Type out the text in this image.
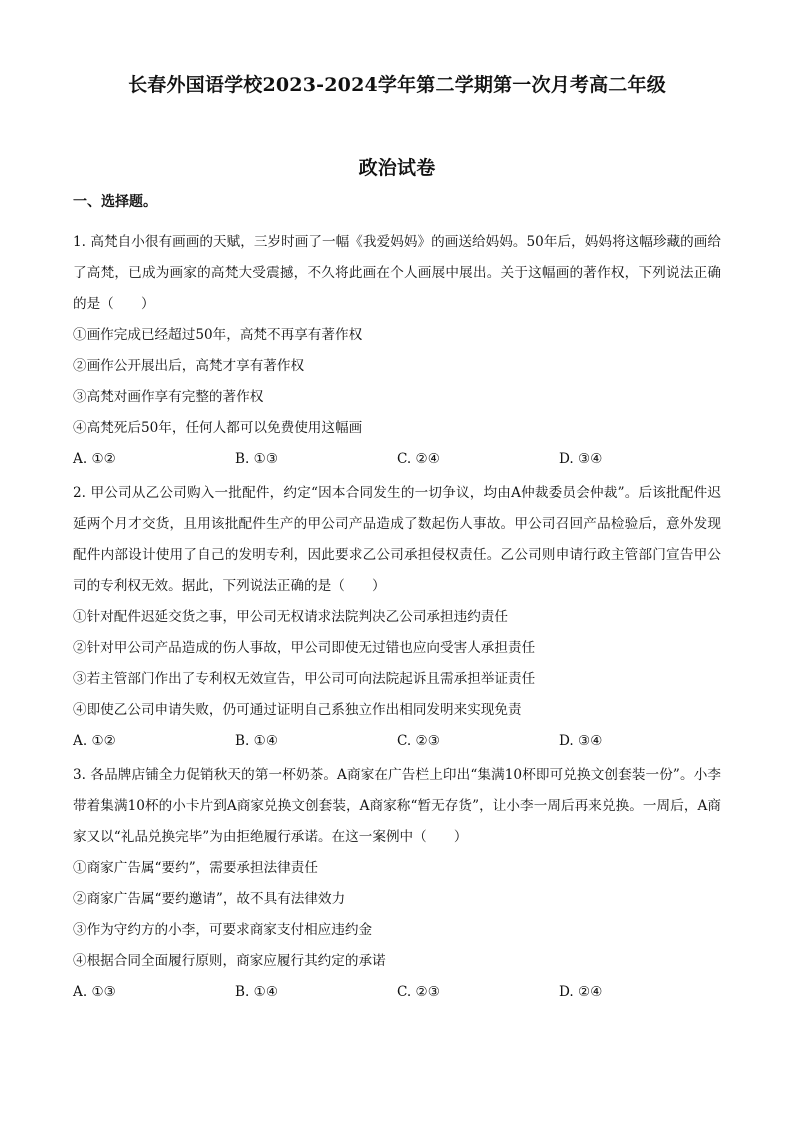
长春外国语学校2023-2024学年第二学期第一次月考高二年级
政治试卷
一、选择题。

1. 高梵自小很有画画的天赋，三岁时画了一幅《我爱妈妈》的画送给妈妈。50年后，妈妈将这幅珍藏的画给了高梵，已成为画家的高梵大受震撼，不久将此画在个人画展中展出。关于这幅画的著作权，下列说法正确的是（　　）

①画作完成已经超过50年，高梵不再享有著作权

②画作公开展出后，高梵才享有著作权

③高梵对画作享有完整的著作权

④高梵死后50年，任何人都可以免费使用这幅画

A. ①②	B. ①③	C. ②④	D. ③④

2. 甲公司从乙公司购入一批配件，约定“因本合同发生的一切争议，均由A仲裁委员会仲裁”。后该批配件迟延两个月才交货，且用该批配件生产的甲公司产品造成了数起伤人事故。甲公司召回产品检验后，意外发现配件内部设计使用了自己的发明专利，因此要求乙公司承担侵权责任。乙公司则申请行政主管部门宣告甲公司的专利权无效。据此，下列说法正确的是（　　）

①针对配件迟延交货之事，甲公司无权请求法院判决乙公司承担违约责任

②针对甲公司产品造成的伤人事故，甲公司即使无过错也应向受害人承担责任

③若主管部门作出了专利权无效宣告，甲公司可向法院起诉且需承担举证责任

④即使乙公司申请失败，仍可通过证明自己系独立作出相同发明来实现免责

A. ①②	B. ①④	C. ②③	D. ③④

3. 各品牌店铺全力促销秋天的第一杯奶茶。A商家在广告栏上印出“集满10杯即可兑换文创套装一份”。小李带着集满10杯的小卡片到A商家兑换文创套装，A商家称“暂无存货”，让小李一周后再来兑换。一周后，A商家又以“礼品兑换完毕”为由拒绝履行承诺。在这一案例中（　　）

①商家广告属“要约”，需要承担法律责任

②商家广告属“要约邀请”，故不具有法律效力

③作为守约方的小李，可要求商家支付相应违约金

④根据合同全面履行原则，商家应履行其约定的承诺

A. ①③	B. ①④	C. ②③	D. ②④
